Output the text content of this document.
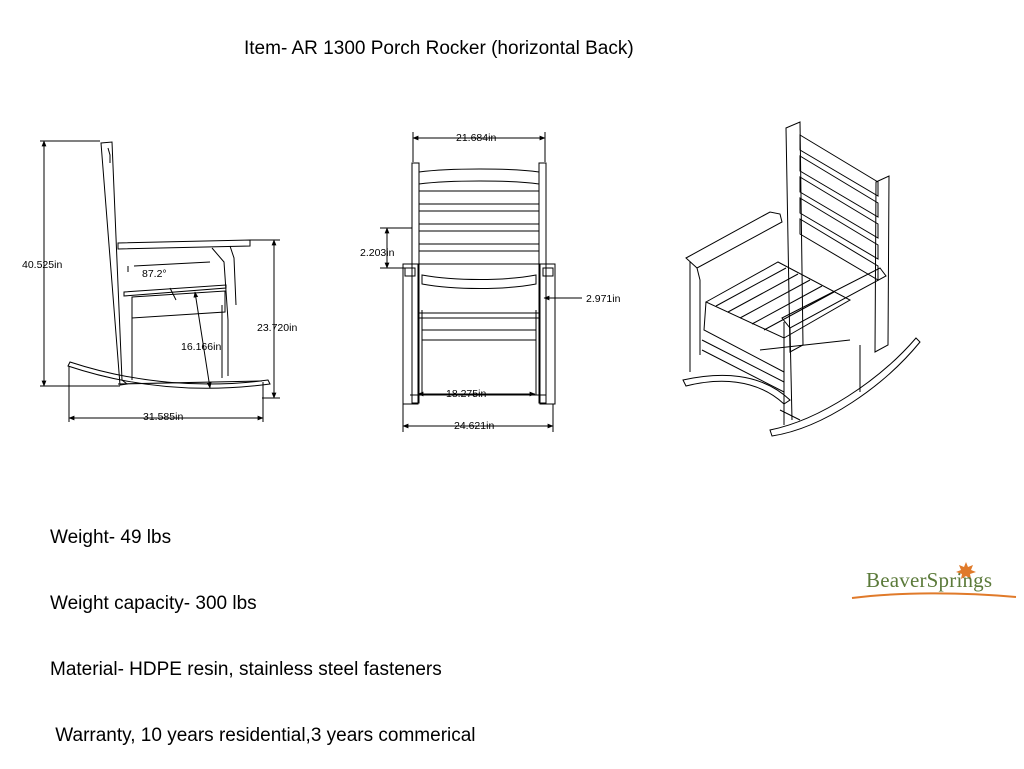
Item- AR 1300 Porch Rocker (horizontal Back)
40.525in
87.2°
16.166in
23.720in
31.585in
21.684in
2.203in
2.971in
18.275in
24.621in

Weight- 49 lbs

Weight capacity- 300 lbs

Material- HDPE resin, stainless steel fasteners

Warranty, 10 years residential,3 years commerical

BeaverSprings
